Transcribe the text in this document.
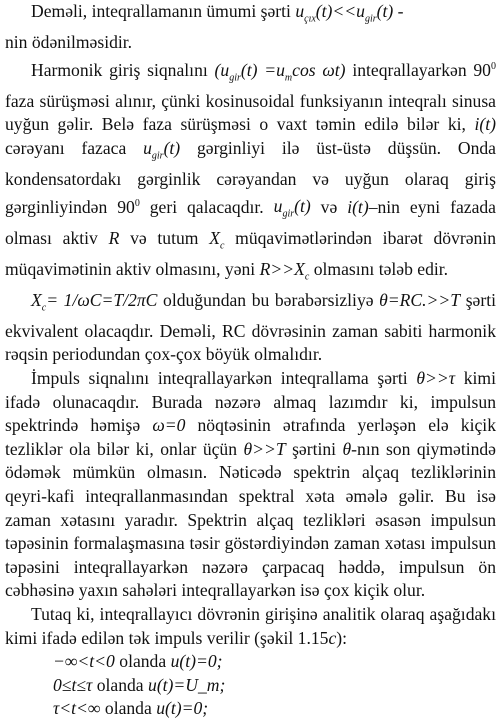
Deməli, inteqrallamanın ümumi şərti $u_{çıx}(t)<<u_{gir}(t)$ -
nin ödənilməsidir.
Harmonik giriş siqnalını ($u_{gir}(t) =u_m\cos$ ωt) inteqrallayarkən $90^0$ faza sürüşməsi alınır, çünki kosinusoidal funksiyanın inteqralı sinusa uyğun gəlir. Belə faza sürüşməsi o vaxt təmin edilə bilər ki, i(t) cərəyanı fazaca $u_{gir}(t)$ gərginliyi ilə üst-üstə düşsün. Onda kondensatordakı gərginlik cərəyandan və uyğun olaraq giriş gərginliyindən $90^0$ geri qalacaqdır. $u_{gir}(t)$ və i(t)–nin eyni fazada olması aktiv R və tutum $X_c$ müqavimətlərindən ibarət dövrənin müqavimətinin aktiv olmasını, yəni $R>>X_c$ olmasını tələb edir.
$X_c= 1/\omega C=T/2\pi C$ olduğundan bu bərabərsizliyə θ=RC.>>T şərti ekvivalent olacaqdır. Deməli, RC dövrəsinin zaman sabiti harmonik rəqsin periodundan çox-çox böyük olmalıdır.
İmpuls siqnalını inteqrallayarkən inteqrallama şərti θ>>τ kimi ifadə olunacaqdır. Burada nəzərə almaq lazımdır ki, impulsun spektrində həmişə ω=0 nöqtəsinin ətrafında yerləşən elə kiçik tezliklər ola bilər ki, onlar üçün θ>>T şərtini θ-nın son qiymətində ödəmək mümkün olmasın. Nəticədə spektrin alçaq tezliklərinin qeyri-kafi inteqrallanmasından spektral xəta əmələ gəlir. Bu isə zaman xətasını yaradır. Spektrin alçaq tezlikləri əsasən impulsun təpəsinin formalaşmasına təsir göstərdiyindən zaman xətası impulsun təpəsini inteqrallayarkən nəzərə çarpacaq həddə, impulsun ön cəbhəsinə yaxın sahələri inteqrallayarkən isə çox kiçik olur.
Tutaq ki, inteqrallayıcı dövrənin girişinə analitik olaraq aşağıdakı kimi ifadə edilən tək impuls verilir (şəkil 1.15c):
−∞<t<0 olanda u(t)=0;
0≤t≤τ olanda u(t)=U_m;
τ<t<∞ olanda u(t)=0;
